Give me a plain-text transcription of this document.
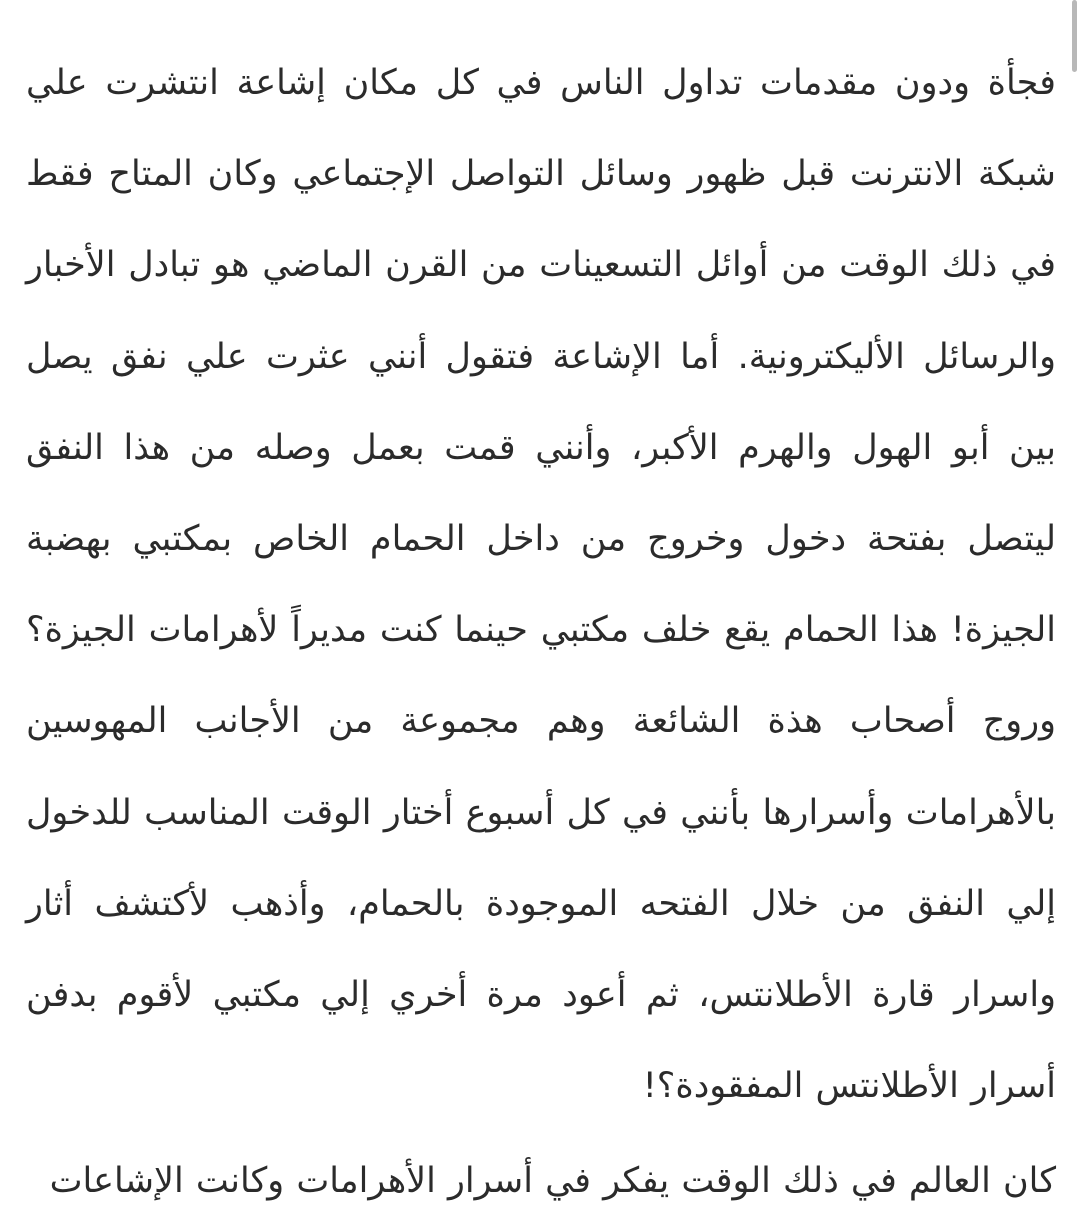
فجأة ودون مقدمات تداول الناس في كل مكان إشاعة انتشرت علي شبكة الانترنت قبل ظهور وسائل التواصل الإجتماعي وكان المتاح فقط في ذلك الوقت من أوائل التسعينات من القرن الماضي هو تبادل الأخبار والرسائل الأليكترونية. أما الإشاعة فتقول أنني عثرت علي نفق يصل بين أبو الهول والهرم الأكبر، وأنني قمت بعمل وصله من هذا النفق ليتصل بفتحة دخول وخروج من داخل الحمام الخاص بمكتبي بهضبة الجيزة! هذا الحمام يقع خلف مكتبي حينما كنت مديراً لأهرامات الجيزة؟ وروج أصحاب هذة الشائعة وهم مجموعة من الأجانب المهوسين بالأهرامات وأسرارها بأنني في كل أسبوع أختار الوقت المناسب للدخول إلي النفق من خلال الفتحه الموجودة بالحمام، وأذهب لأكتشف أثار واسرار قارة الأطلانتس، ثم أعود مرة أخري إلي مكتبي لأقوم بدفن أسرار الأطلانتس المفقودة؟!

كان العالم في ذلك الوقت يفكر في أسرار الأهرامات وكانت الإشاعات
